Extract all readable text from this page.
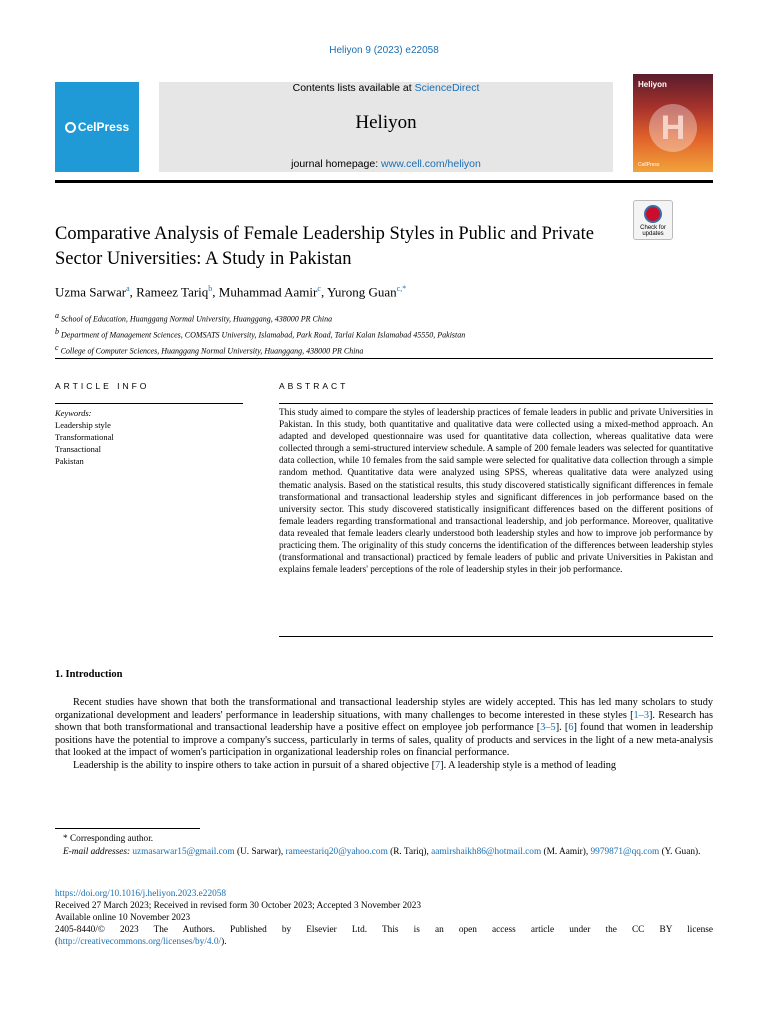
Heliyon 9 (2023) e22058
CelPress
Contents lists available at ScienceDirect
Heliyon
journal homepage: www.cell.com/heliyon
Heliyon
H
CellPress
Check for
updates
Comparative Analysis of Female Leadership Styles in Public and Private Sector Universities: A Study in Pakistan
Uzma Sarwar$^a$, Rameez Tariq$^b$, Muhammad Aamir$^c$, Yurong Guan$^{c,*}$
$^a$ School of Education, Huanggang Normal University, Huanggang, 438000 PR China
$^b$ Department of Management Sciences, COMSATS University, Islamabad, Park Road, Tarlai Kalan Islamabad 45550, Pakistan
$^c$ College of Computer Sciences, Huanggang Normal University, Huanggang, 438000 PR China
ARTICLE INFO	ABSTRACT
Keywords:
Leadership style
Transformational
Transactional
Pakistan
This study aimed to compare the styles of leadership practices of female leaders in public and private Universities in Pakistan. In this study, both quantitative and qualitative data were collected using a mixed-method approach. An adapted and developed questionnaire was used for quantitative data collection, whereas qualitative data were collected through a semi-structured interview schedule. A sample of 200 female leaders was selected for quantitative data collection, while 10 females from the said sample were selected for qualitative data collection through a simple random method. Quantitative data were analyzed using SPSS, whereas qualitative data were analyzed using thematic analysis. Based on the statistical results, this study discovered statistically significant differences in female transformational and transactional leadership styles and significant differences in job performance based on the university sector. This study discovered statistically insignificant differences based on the different positions of female leaders regarding transformational and transactional leadership, and job performance. Moreover, qualitative data revealed that female leaders clearly understood both leadership styles and how to improve job performance by practicing them. The originality of this study concerns the identification of the differences between leadership styles (transformational and transactional) practiced by female leaders of public and private Universities in Pakistan and explains female leaders' perceptions of the role of leadership styles in their job performance.
1. Introduction

Recent studies have shown that both the transformational and transactional leadership styles are widely accepted. This has led many scholars to study organizational development and leaders' performance in leadership situations, with many challenges to become interested in these styles [1–3]. Research has shown that both transformational and transactional leadership have a positive effect on employee job performance [3–5]. [6] found that women in leadership positions have the potential to improve a company's success, particularly in terms of sales, quality of products and services in the light of a new meta-analysis that looked at the impact of women's participation in organizational leadership roles on financial performance.

Leadership is the ability to inspire others to take action in pursuit of a shared objective [7]. A leadership style is a method of leading

* Corresponding author.
E-mail addresses: uzmasarwar15@gmail.com (U. Sarwar), rameestariq20@yahoo.com (R. Tariq), aamirshaikh86@hotmail.com (M. Aamir), 9979871@qq.com (Y. Guan).
https://doi.org/10.1016/j.heliyon.2023.e22058
Received 27 March 2023; Received in revised form 30 October 2023; Accepted 3 November 2023
Available online 10 November 2023
2405-8440/© 2023 The Authors. Published by Elsevier Ltd. This is an open access article under the CC BY license
(http://creativecommons.org/licenses/by/4.0/).
